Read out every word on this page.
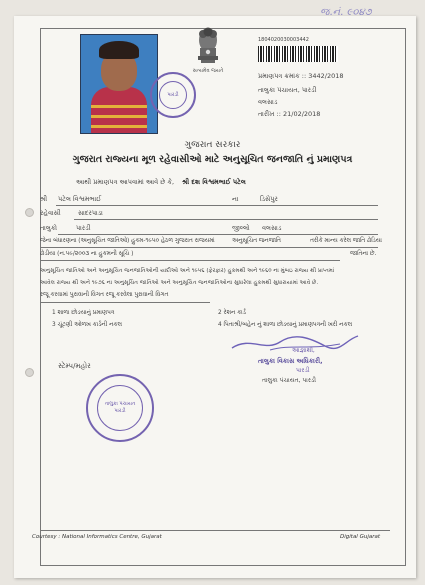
જ.નં. ૯૦૪૭
પારડી
સત્યમેવ જયતે
1804020030003442
પ્રમાણપત્ર ક્રમાંક :: 3442/2018
તાલુકા પંચાયત, પારડી
વલસાડ
તારીખ :: 21/02/2018
ગુજરાત સરકાર
ગુજરાત રાજ્યના મૂળ રહેવાસીઓ માટે અનુસૂચિત જનજાતિ નું પ્રમાણપત્ર
આથી પ્રમાણપત્ર આપવામાં આવે છે કે, શ્રી દશ વિશ્વમભાઈ પટેલ
શ્રી પટેલ વિશ્વમભાઈ	ના	ડિસેપુર
રહેવાસી	સાદરપાડા
તાલુકો	પારડી	જીલ્લો વલસાડ
જેના બંધારણના (અનુસૂચિત જાતિઓ) હુકમ-૧૯૫૦ હેઠળ ગુજરાત રાજયમાં	અનુસૂચિત જનજાતિ	તરીકે માન્ય કરેલ જાતિ ઢોડિયા
ઢોડીયા (ન.૫૯/૨૦૦૩ ના હુકમની સૂચિ )	જાતિના છે.
અનુસૂચિત જાતિઓ અને અનુસૂચિત જનજાતિઓની યાદીઓ અને ૧૯૫૬ (ફેરફાર) હુકમથી અને ૧૯૬૦ ના મુંબઇ રાજ્ય થી પ્રાપ્તમાં
આવેલ રાજ્ય થી અને ૧૯૭૬ ના અનુસૂચિત જાતિઓ અને અનુસૂચિત જનજાતિઓના સુધારેલા હુકમથી સુધારાયામાં આવે છે.
રજૂ કરવામાં પુરાવાની વિગત રજૂ કરવેલા પુરાવાની વિગત
1 શાળા છોડયાનું પ્રમાણપત્ર	2 રેશન કાર્ડ
3 ચૂંટણી ઓળખ કાર્ડની નકલ	4 પિતાશ્રી/બહેન નું શાળા છોડયાનું પ્રમાણપત્રની ખરી નકલ
આજ્ઞાથી,
તાલુકા વિકાસ અધિકારી,
પારડી
તાલુકા પંચાયત, પારડી
સ્ટેમ્પ/મહોર
તાલુકા પંચાયત
પારડી
Courtesy : National Informatics Centre, Gujarat	Digital Gujarat
